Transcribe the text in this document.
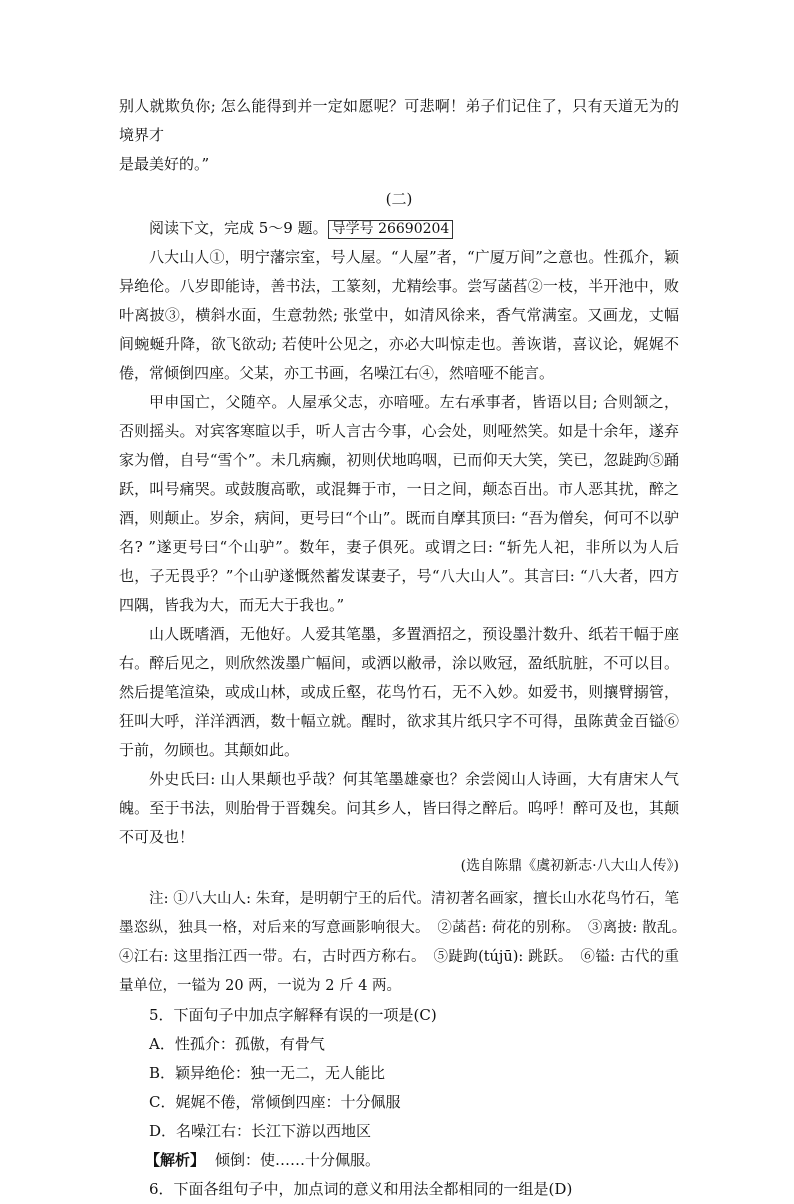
别人就欺负你; 怎么能得到并一定如愿呢？可悲啊！弟子们记住了，只有天道无为的境界才

是最美好的。”

(二)

阅读下文，完成 5～9 题。 导学号 26690204

八大山人①，明宁藩宗室，号人屋。“人屋”者，“广厦万间”之意也。性孤介，颖异绝伦。八岁即能诗，善书法，工篆刻，尤精绘事。尝写菡萏②一枝，半开池中，败叶离披③，横斜水面，生意勃然; 张堂中，如清风徐来，香气常满室。又画龙，丈幅间蜿蜒升降，欲飞欲动; 若使叶公见之，亦必大叫惊走也。善诙谐，喜议论，娓娓不倦，常倾倒四座。父某，亦工书画，名噪江右④，然喑哑不能言。

甲申国亡，父随卒。人屋承父志，亦喑哑。左右承事者，皆语以目; 合则颔之，否则摇头。对宾客寒暄以手，听人言古今事，心会处，则哑然笑。如是十余年，遂弃家为僧，自号“雪个”。未几病癫，初则伏地呜咽，已而仰天大笑，笑已，忽跿跔⑤踊跃，叫号痛哭。或鼓腹高歌，或混舞于市，一日之间，颠态百出。市人恶其扰，醉之酒，则颠止。岁余，病间，更号曰“个山”。既而自摩其顶曰: “吾为僧矣，何可不以驴名? ”遂更号曰“个山驴”。数年，妻子俱死。或谓之曰: “斩先人祀，非所以为人后也，子无畏乎？”个山驴遂慨然蓄发谋妻子，号“八大山人”。其言曰: “八大者，四方四隅，皆我为大，而无大于我也。”

山人既嗜酒，无他好。人爱其笔墨，多置酒招之，预设墨汁数升、纸若干幅于座右。醉后见之，则欣然泼墨广幅间，或洒以敝帚，涂以败冠，盈纸肮脏，不可以目。然后提笔渲染，或成山林，或成丘壑，花鸟竹石，无不入妙。如爱书，则攘臂搦管，狂叫大呼，洋洋洒洒，数十幅立就。醒时，欲求其片纸只字不可得，虽陈黄金百镒⑥于前，勿顾也。其颠如此。

外史氏曰: 山人果颠也乎哉？何其笔墨雄豪也？余尝阅山人诗画，大有唐宋人气魄。至于书法，则胎骨于晋魏矣。问其乡人，皆曰得之醉后。呜呼！醉可及也，其颠不可及也！

(选自陈鼎《虞初新志·八大山人传》)

注: ①八大山人: 朱耷，是明朝宁王的后代。清初著名画家，擅长山水花鸟竹石，笔墨恣纵，独具一格，对后来的写意画影响很大。　②菡萏: 荷花的别称。　③离披: 散乱。　④江右: 这里指江西一带。右，古时西方称右。　⑤跿跔(tújū): 跳跃。　⑥镒: 古代的重量单位，一镒为 20 两，一说为 2 斤 4 两。

5．下面句子中加点字解释有误的一项是(C)

A．性孤介：孤傲，有骨气

B．颖异绝伦：独一无二，无人能比

C．娓娓不倦，常倾倒四座：十分佩服

D．名噪江右：长江下游以西地区

【解析】 倾倒：使……十分佩服。

6．下面各组句子中，加点词的意义和用法全都相同的一组是(D)
